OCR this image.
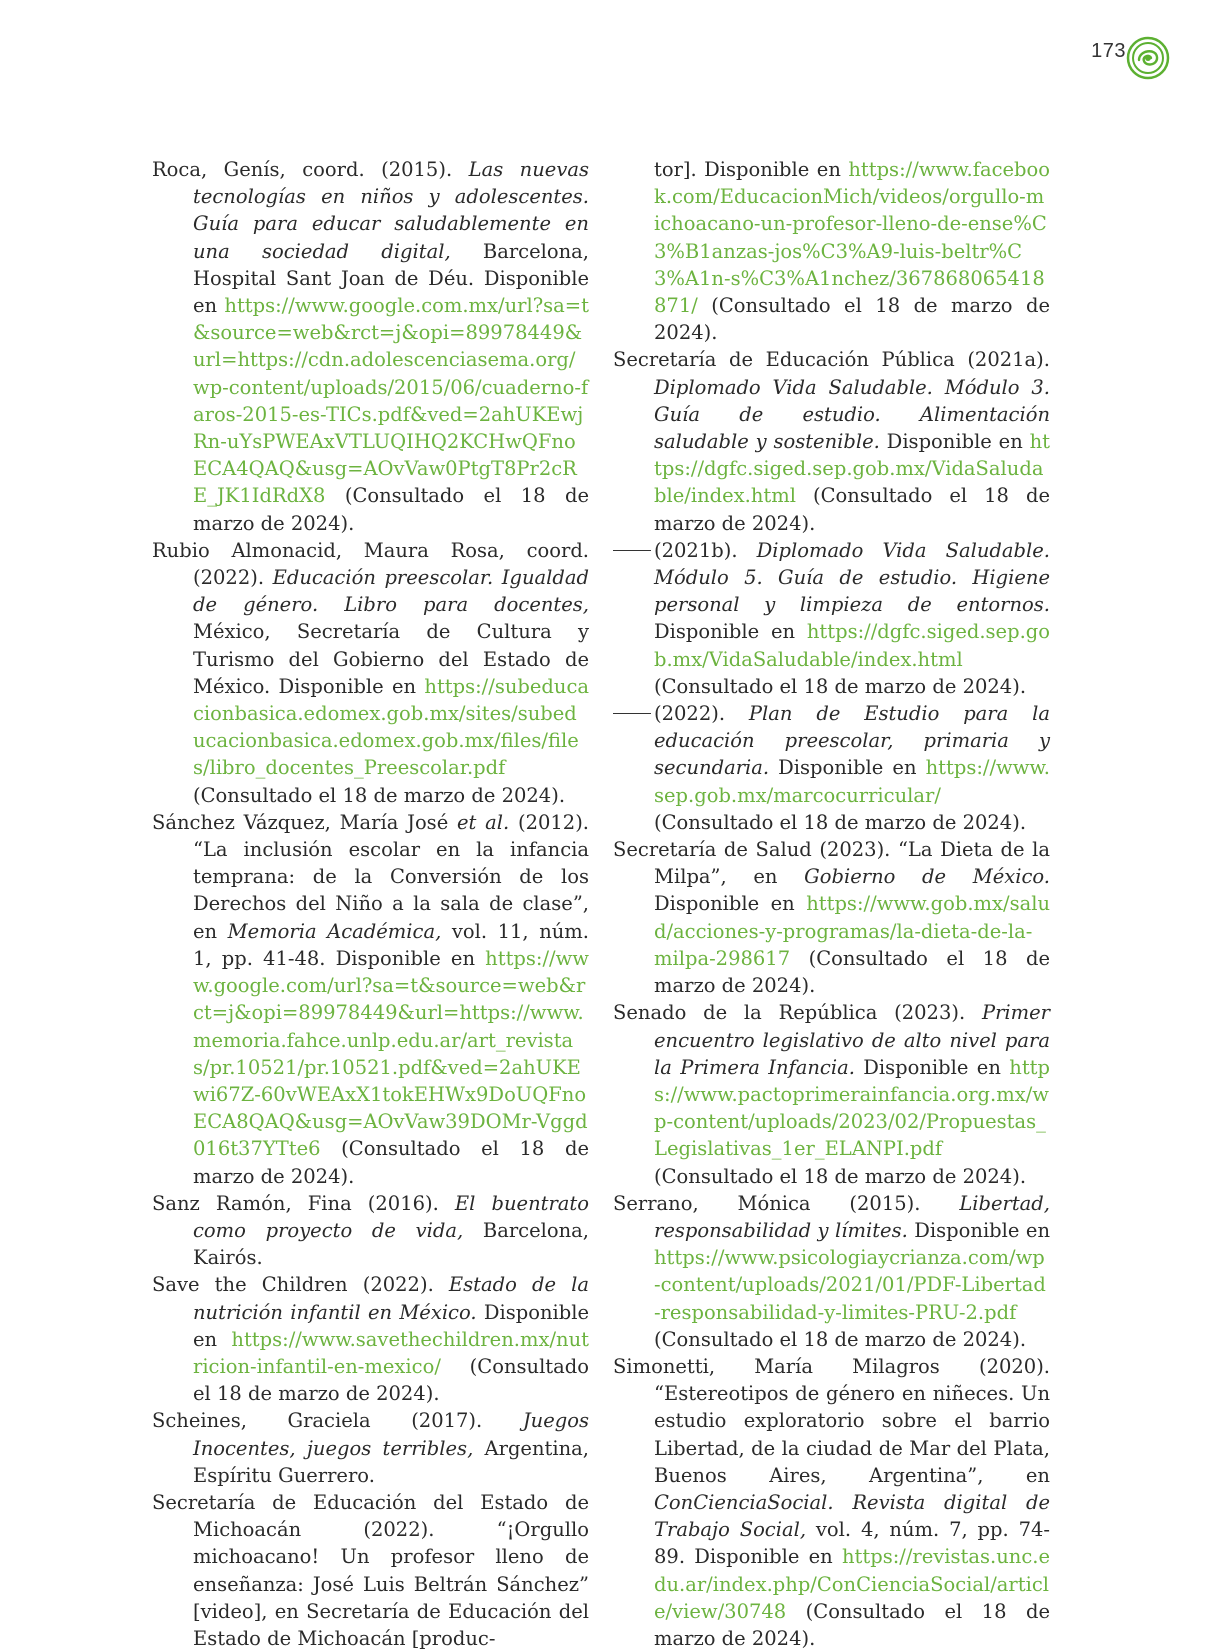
173

Roca, Genís, coord. (2015). Las nuevas tecnologías en niños y adolescentes. Guía para educar saludablemente en una sociedad digital, Barcelona, Hospital Sant Joan de Déu. Disponible en https://www.google.com.mx/url?sa=t&source=web&rct=j&opi=89978449&url=https://cdn.adolescenciasema.org/wp-content/uploads/2015/06/cuaderno-faros-2015-es-TICs.pdf&ved=2ahUKEwjRn-uYsPWEAxVTLUQIHQ2KCHwQFnoECA4QAQ&usg=AOvVaw0PtgT8Pr2cRE_JK1IdRdX8 (Consultado el 18 de marzo de 2024).

Rubio Almonacid, Maura Rosa, coord. (2022). Educación preescolar. Igualdad de género. Libro para docentes, México, Secretaría de Cultura y Turismo del Gobierno del Estado de México. Disponible en https://subeducacionbasica.edomex.gob.mx/sites/subeducacionbasica.edomex.gob.mx/files/files/libro_docentes_Preescolar.pdf (Consultado el 18 de marzo de 2024).

Sánchez Vázquez, María José et al. (2012). “La inclusión escolar en la infancia temprana: de la Conversión de los Derechos del Niño a la sala de clase”, en Memoria Académica, vol. 11, núm. 1, pp. 41-48. Disponible en https://www.google.com/url?sa=t&source=web&rct=j&opi=89978449&url=https://www.memoria.fahce.unlp.edu.ar/art_revistas/pr.10521/pr.10521.pdf&ved=2ahUKEwi67Z-60vWEAxX1tokEHWx9DoUQFnoECA8QAQ&usg=AOvVaw39DOMr-Vggd016t37YTte6 (Consultado el 18 de marzo de 2024).

Sanz Ramón, Fina (2016). El buentrato como proyecto de vida, Barcelona, Kairós.

Save the Children (2022). Estado de la nutrición infantil en México. Disponible en https://www.savethechildren.mx/nutricion-infantil-en-mexico/ (Consultado el 18 de marzo de 2024).

Scheines, Graciela (2017). Juegos Inocentes, juegos terribles, Argentina, Espíritu Guerrero.

Secretaría de Educación del Estado de Michoacán (2022). “¡Orgullo michoacano! Un profesor lleno de enseñanza: José Luis Beltrán Sánchez” [video], en Secretaría de Educación del Estado de Michoacán [produc-

tor]. Disponible en https://www.facebook.com/EducacionMich/videos/orgullo-michoacano-un-profesor-lleno-de-ense%C3%B1anzas-jos%C3%A9-luis-beltr%C3%A1n-s%C3%A1nchez/367868065418871/ (Consultado el 18 de marzo de 2024).

Secretaría de Educación Pública (2021a). Diplomado Vida Saludable. Módulo 3. Guía de estudio. Alimentación saludable y sostenible. Disponible en https://dgfc.siged.sep.gob.mx/VidaSaludable/index.html (Consultado el 18 de marzo de 2024).

(2021b). Diplomado Vida Saludable. Módulo 5. Guía de estudio. Higiene personal y limpieza de entornos. Disponible en https://dgfc.siged.sep.gob.mx/VidaSaludable/index.html (Consultado el 18 de marzo de 2024).

(2022). Plan de Estudio para la educación preescolar, primaria y secundaria. Disponible en https://www.sep.gob.mx/marcocurricular/ (Consultado el 18 de marzo de 2024).

Secretaría de Salud (2023). “La Dieta de la Milpa”, en Gobierno de México. Disponible en https://www.gob.mx/salud/acciones-y-programas/la-dieta-de-la-milpa-298617 (Consultado el 18 de marzo de 2024).

Senado de la República (2023). Primer encuentro legislativo de alto nivel para la Primera Infancia. Disponible en https://www.pactoprimerainfancia.org.mx/wp-content/uploads/2023/02/Propuestas_Legislativas_1er_ELANPI.pdf (Consultado el 18 de marzo de 2024).

Serrano, Mónica (2015). Libertad, responsabilidad y límites. Disponible en https://www.psicologiaycrianza.com/wp-content/uploads/2021/01/PDF-Libertad-responsabilidad-y-limites-PRU-2.pdf (Consultado el 18 de marzo de 2024).

Simonetti, María Milagros (2020). “Estereotipos de género en niñeces. Un estudio exploratorio sobre el barrio Libertad, de la ciudad de Mar del Plata, Buenos Aires, Argentina”, en ConCienciaSocial. Revista digital de Trabajo Social, vol. 4, núm. 7, pp. 74-89. Disponible en https://revistas.unc.edu.ar/index.php/ConCienciaSocial/article/view/30748 (Consultado el 18 de marzo de 2024).
